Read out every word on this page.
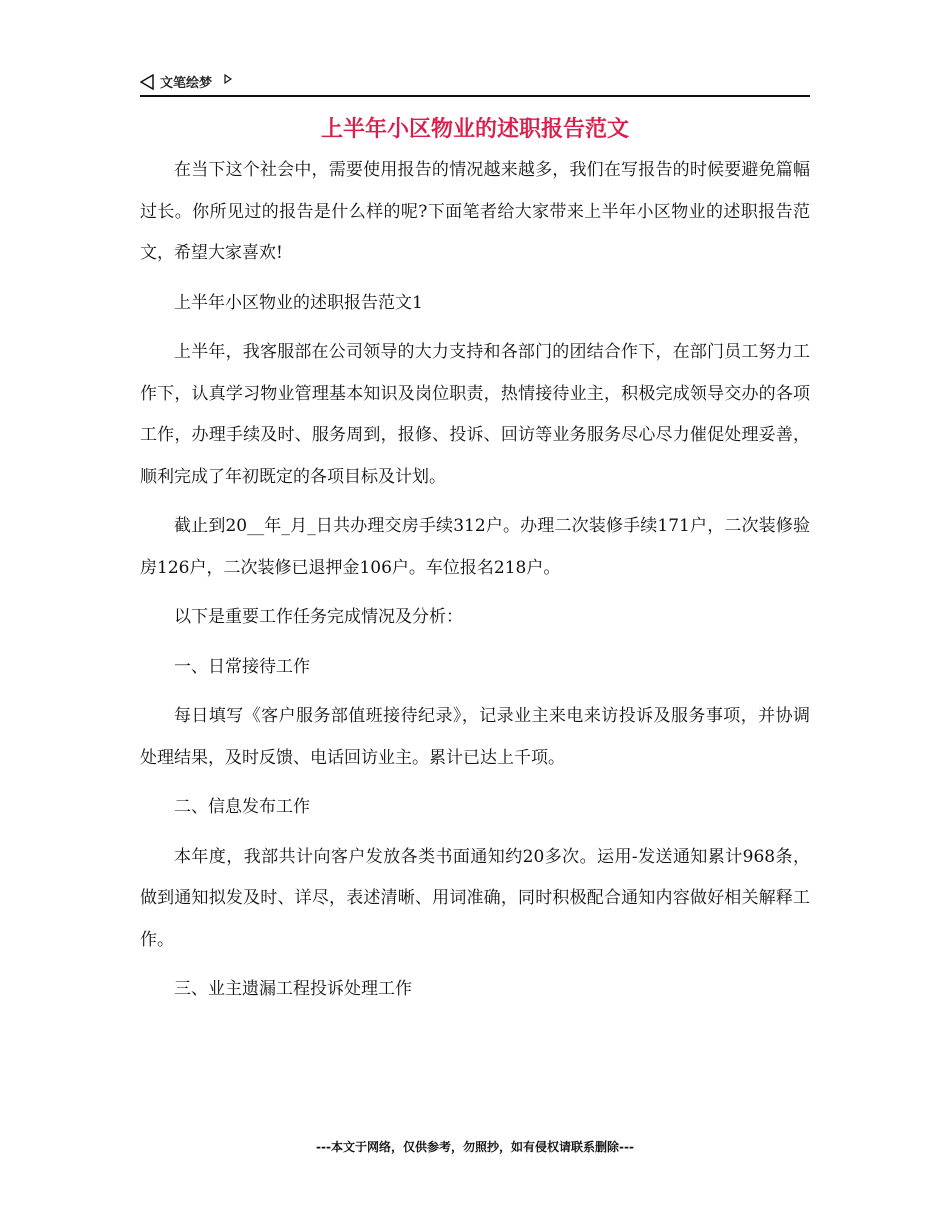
文笔绘梦
上半年小区物业的述职报告范文

在当下这个社会中，需要使用报告的情况越来越多，我们在写报告的时候要避免篇幅过长。你所见过的报告是什么样的呢?下面笔者给大家带来上半年小区物业的述职报告范文，希望大家喜欢!

上半年小区物业的述职报告范文1

上半年，我客服部在公司领导的大力支持和各部门的团结合作下，在部门员工努力工作下，认真学习物业管理基本知识及岗位职责，热情接待业主，积极完成领导交办的各项工作，办理手续及时、服务周到，报修、投诉、回访等业务服务尽心尽力催促处理妥善，顺利完成了年初既定的各项目标及计划。

截止到20__年_月_日共办理交房手续312户。办理二次装修手续171户，二次装修验房126户，二次装修已退押金106户。车位报名218户。

以下是重要工作任务完成情况及分析：

一、日常接待工作

每日填写《客户服务部值班接待纪录》，记录业主来电来访投诉及服务事项，并协调处理结果，及时反馈、电话回访业主。累计已达上千项。

二、信息发布工作

本年度，我部共计向客户发放各类书面通知约20多次。运用-发送通知累计968条，做到通知拟发及时、详尽，表述清晰、用词准确，同时积极配合通知内容做好相关解释工作。

三、业主遗漏工程投诉处理工作

---本文于网络，仅供参考，勿照抄，如有侵权请联系删除---
